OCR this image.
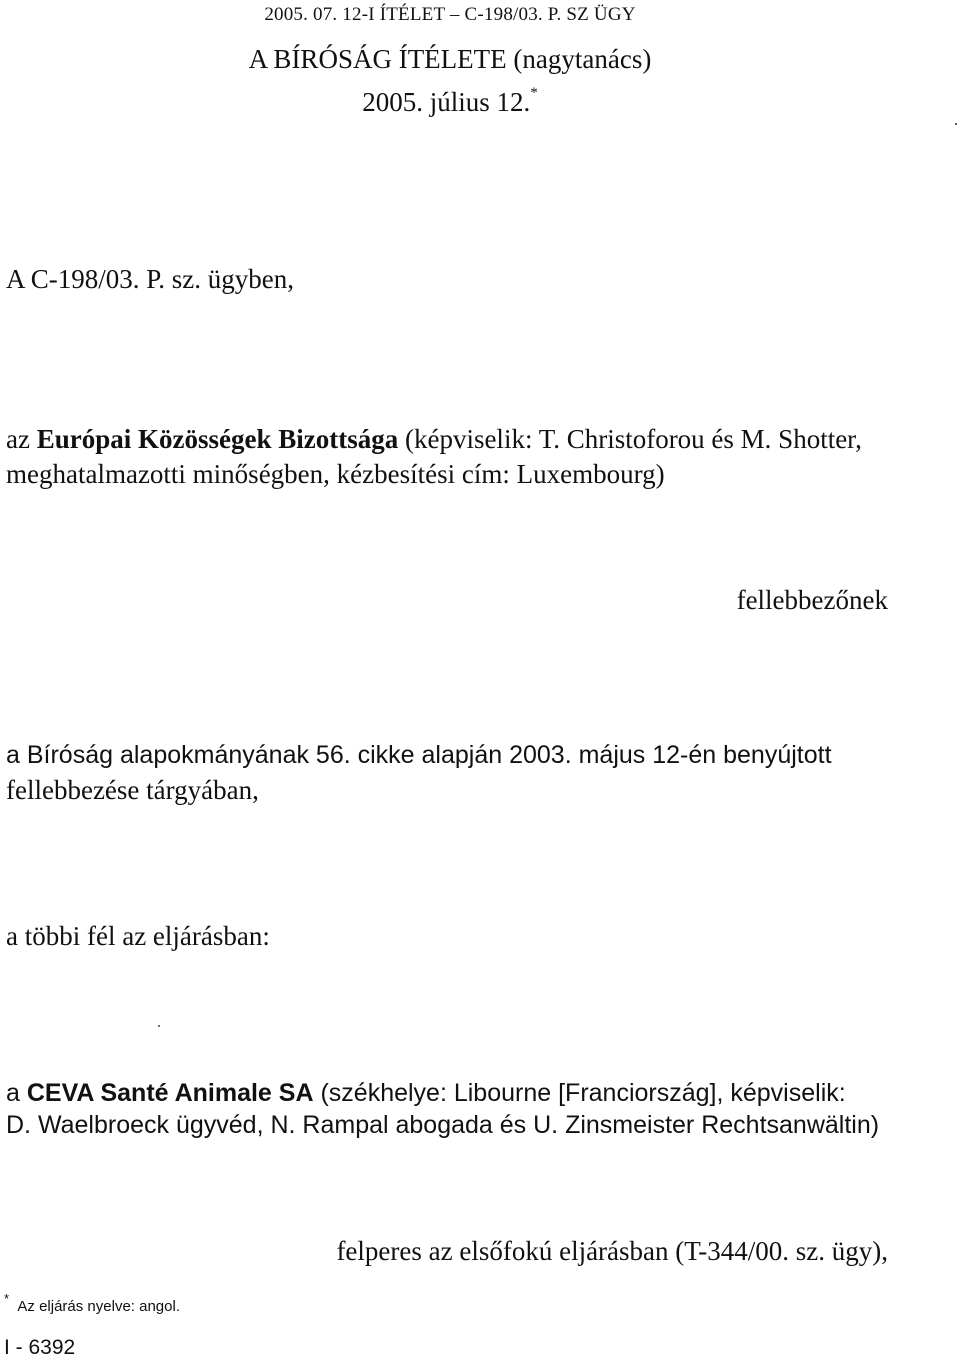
2005. 07. 12-I ÍTÉLET – C-198/03. P. SZ ÜGY
A BÍRÓSÁG ÍTÉLETE (nagytanács)
2005. július 12.*
A C-198/03. P. sz. ügyben,
az Európai Közösségek Bizottsága (képviselik: T. Christoforou és M. Shotter,
meghatalmazotti minőségben, kézbesítési cím: Luxembourg)
fellebbezőnek
a Bíróság alapokmányának 56. cikke alapján 2003. május 12-én benyújtott
fellebbezése tárgyában,
a többi fél az eljárásban:
a CEVA Santé Animale SA (székhelye: Libourne [Franciország], képviselik:
D. Waelbroeck ügyvéd, N. Rampal abogada és U. Zinsmeister Rechtsanwältin)
felperes az elsőfokú eljárásban (T-344/00. sz. ügy),
* Az eljárás nyelve: angol.
I - 6392
